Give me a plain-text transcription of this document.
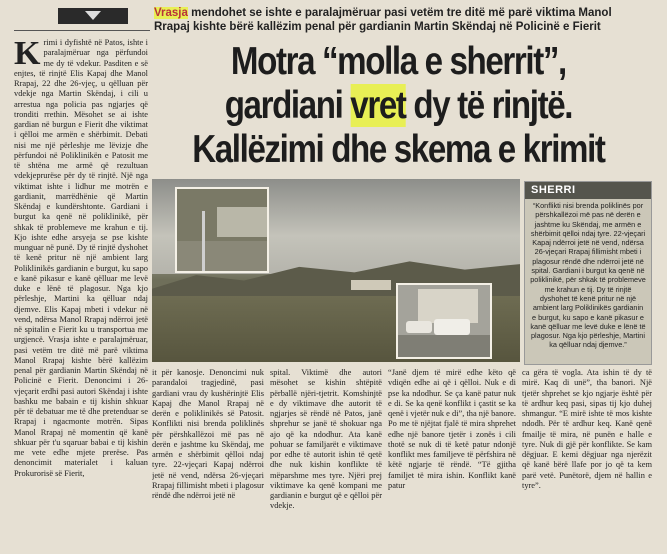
Vrasja mendohet se ishte e paralajmëruar pasi vetëm tre ditë më parë viktima Manol Rrapaj kishte bërë kallëzim penal për gardianin Martin Skëndaj në Policinë e Fierit
Motra “molla e sherrit”,
gardiani vret dy të rinjtë.
Kallëzimi dhe skema e krimit
Krimi i dyfishtë në Patos, ishte i paralajmëruar nga përfundoi me dy të vdekur. Pasditen e së enjtes, të rinjtë Elis Kapaj dhe Manol Rrapaj, 22 dhe 26-vjeç, u qëlluan për vdekje nga Martin Skëndaj, i cili u arrestua nga policia pas ngjarjes që tronditi rrethin. Mësohet se ai ishte gardian në burgun e Fierit dhe viktimat i qëlloi me armën e shërbimit. Debati nisi me një përleshje me lëvizje dhe përfundoi në Poliklinikën e Patosit me të shtëna me armë që rezultuan vdekjeprurëse për dy të rinjtë. Një nga viktimat ishte i lidhur me motrën e gardianit, marrëdhënie që Martin Skëndaj e kundërshtonte. Gardiani i burgut ka qenë në poliklinikë, për shkak të problemeve me krahun e tij. Kjo ishte edhe arsyeja se pse kishte munguar në punë. Dy të rinjtë dyshohet të kenë pritur në një ambient larg Poliklinikës gardianin e burgut, ku sapo e kanë pikasur e kanë qëlluar me levë duke e lënë të plagosur. Nga kjo përleshje, Martini ka qëlluar ndaj djemve. Elis Kapaj mbeti i vdekur në vend, ndërsa Manol Rrapaj ndërroi jetë në spitalin e Fierit ku u transportua me urgjencë. Vrasja ishte e paralajmëruar, pasi vetëm tre ditë më parë viktima Manol Rrapaj kishte bërë kallëzim penal për gardianin Martin Skëndaj në Policinë e Fierit. Denoncimi i 26-vjeçarit erdhi pasi autori Skëndaj i ishte bashku me babain e tij kishin shkuar për të debatuar me të dhe pretenduar se Rrapaj i ngacmonte motrën. Sipas Manol Rrapaj në momentin që kanë shkuar për t'u sqaruar babai e tij kishin me vete edhe mjete prerëse. Pas denoncimit materialet i kaluan Prokurorisë së Fierit,
SHERRI
“Konflikti nisi brenda poliklinës por përshkallëzoi më pas në derën e jashtme ku Skëndaj, me armën e shërbimit qëlloi ndaj tyre. 22-vjeçari Kapaj ndërroi jetë në vend, ndërsa 26-vjeçari Rrapaj fillimisht mbeti i plagosur rëndë dhe ndërroi jetë në spital. Gardiani i burgut ka qenë në poliklinikë, për shkak të problemeve me krahun e tij. Dy të rinjtë dyshohet të kenë pritur në një ambient larg Poliklinikës gardianin e burgut, ku sapo e kanë pikasur e kanë qëlluar me levë duke e lënë të plagosur. Nga kjo përleshje, Martini ka qëlluar ndaj djemve.”
it për kanosje. Denoncimi nuk parandaloi tragjedinë, pasi gardiani vrau dy kushërinjtë Elis Kapaj dhe Manol Rrapaj në derën e poliklinikës së Patosit. Konflikti nisi brenda poliklinës për përshkallëzoi më pas në derën e jashtme ku Skëndaj, me armën e shërbimit qëlloi ndaj tyre. 22-vjeçari Kapaj ndërroi jetë në vend, ndërsa 26-vjeçari Rrapaj fillimisht mbeti i plagosur rëndë dhe ndërroi jetë në
spital. Viktimë dhe autori mësohet se kishin shtëpitë përballë njëri-tjetrit. Komshinjtë e dy viktimave dhe autorit të ngjarjes së rëndë në Patos, janë shprehur se janë të shokuar nga ajo që ka ndodhur. Ata kanë pohuar se familjarët e viktimave por edhe të autorit ishin të qetë dhe nuk kishin konflikte të mëparshme mes tyre. Njëri prej viktimave ka qenë kompani me gardianin e burgut që e qëlloi për vdekje.
“Janë djem të mirë edhe këto që vdiqën edhe ai që i qëlloi. Nuk e di pse ka ndodhur. Se ça kanë patur nuk e di. Se ka qenë konflikt i çastit se ka qenë i vjetër nuk e di”, tha një banore. Po me të njëjtat fjalë të mira shprehet edhe një banore tjetër i zonës i cili thotë se nuk di të ketë patur ndonjë konflikt mes familjeve të përfshira në këtë ngjarje të rëndë. “Të gjitha familjet të mira ishin. Konflikt kanë patur
ca gëra të vogla. Ata ishin të dy të mirë. Kaq di unë”, tha banori. Një tjetër shprehet se kjo ngjarje është për të ardhur keq pasi, sipas tij kjo duhej shmangur. “E mirë ishte të mos kishte ndodh. Për të ardhur keq. Kanë qenë fmailje të mira, në punën e halle e tyre. Nuk di gjë për konflikte. Se kam dëgjuar. E kemi dëgjuar nga njerëzit që kanë bërë llafe por jo që ta kem parë vetë. Punëtorë, djem në hallin e tyre”.
